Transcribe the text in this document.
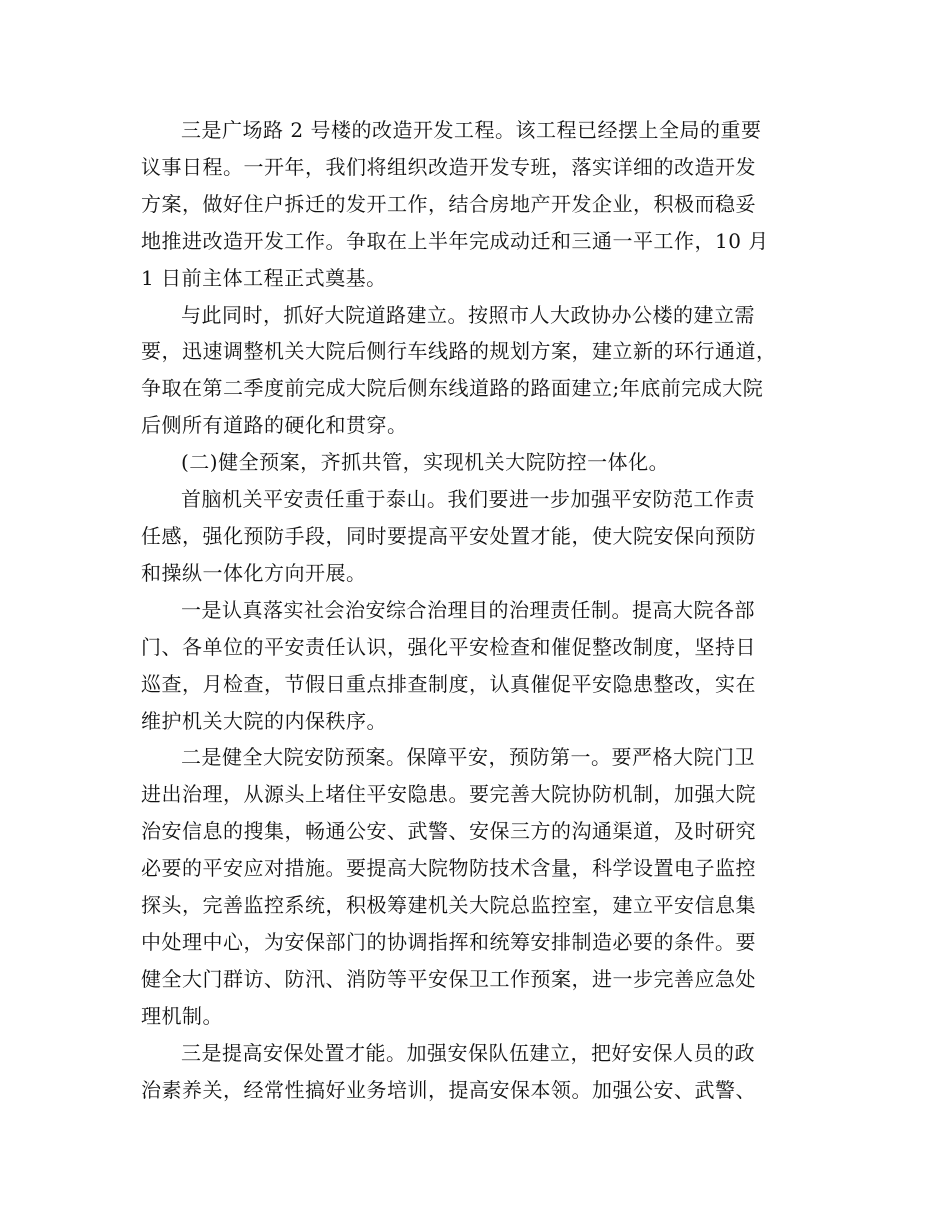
三是广场路 2 号楼的改造开发工程。该工程已经摆上全局的重要
议事日程。一开年，我们将组织改造开发专班，落实详细的改造开发
方案，做好住户拆迁的发开工作，结合房地产开发企业，积极而稳妥
地推进改造开发工作。争取在上半年完成动迁和三通一平工作，10 月
1 日前主体工程正式奠基。
与此同时，抓好大院道路建立。按照市人大政协办公楼的建立需
要，迅速调整机关大院后侧行车线路的规划方案，建立新的环行通道，
争取在第二季度前完成大院后侧东线道路的路面建立;年底前完成大院
后侧所有道路的硬化和贯穿。
(二)健全预案，齐抓共管，实现机关大院防控一体化。
首脑机关平安责任重于泰山。我们要进一步加强平安防范工作责
任感，强化预防手段，同时要提高平安处置才能，使大院安保向预防
和操纵一体化方向开展。
一是认真落实社会治安综合治理目的治理责任制。提高大院各部
门、各单位的平安责任认识，强化平安检查和催促整改制度，坚持日
巡查，月检查，节假日重点排查制度，认真催促平安隐患整改，实在
维护机关大院的内保秩序。
二是健全大院安防预案。保障平安，预防第一。要严格大院门卫
进出治理，从源头上堵住平安隐患。要完善大院协防机制，加强大院
治安信息的搜集，畅通公安、武警、安保三方的沟通渠道，及时研究
必要的平安应对措施。要提高大院物防技术含量，科学设置电子监控
探头，完善监控系统，积极筹建机关大院总监控室，建立平安信息集
中处理中心，为安保部门的协调指挥和统筹安排制造必要的条件。要
健全大门群访、防汛、消防等平安保卫工作预案，进一步完善应急处
理机制。
三是提高安保处置才能。加强安保队伍建立，把好安保人员的政
治素养关，经常性搞好业务培训，提高安保本领。加强公安、武警、
